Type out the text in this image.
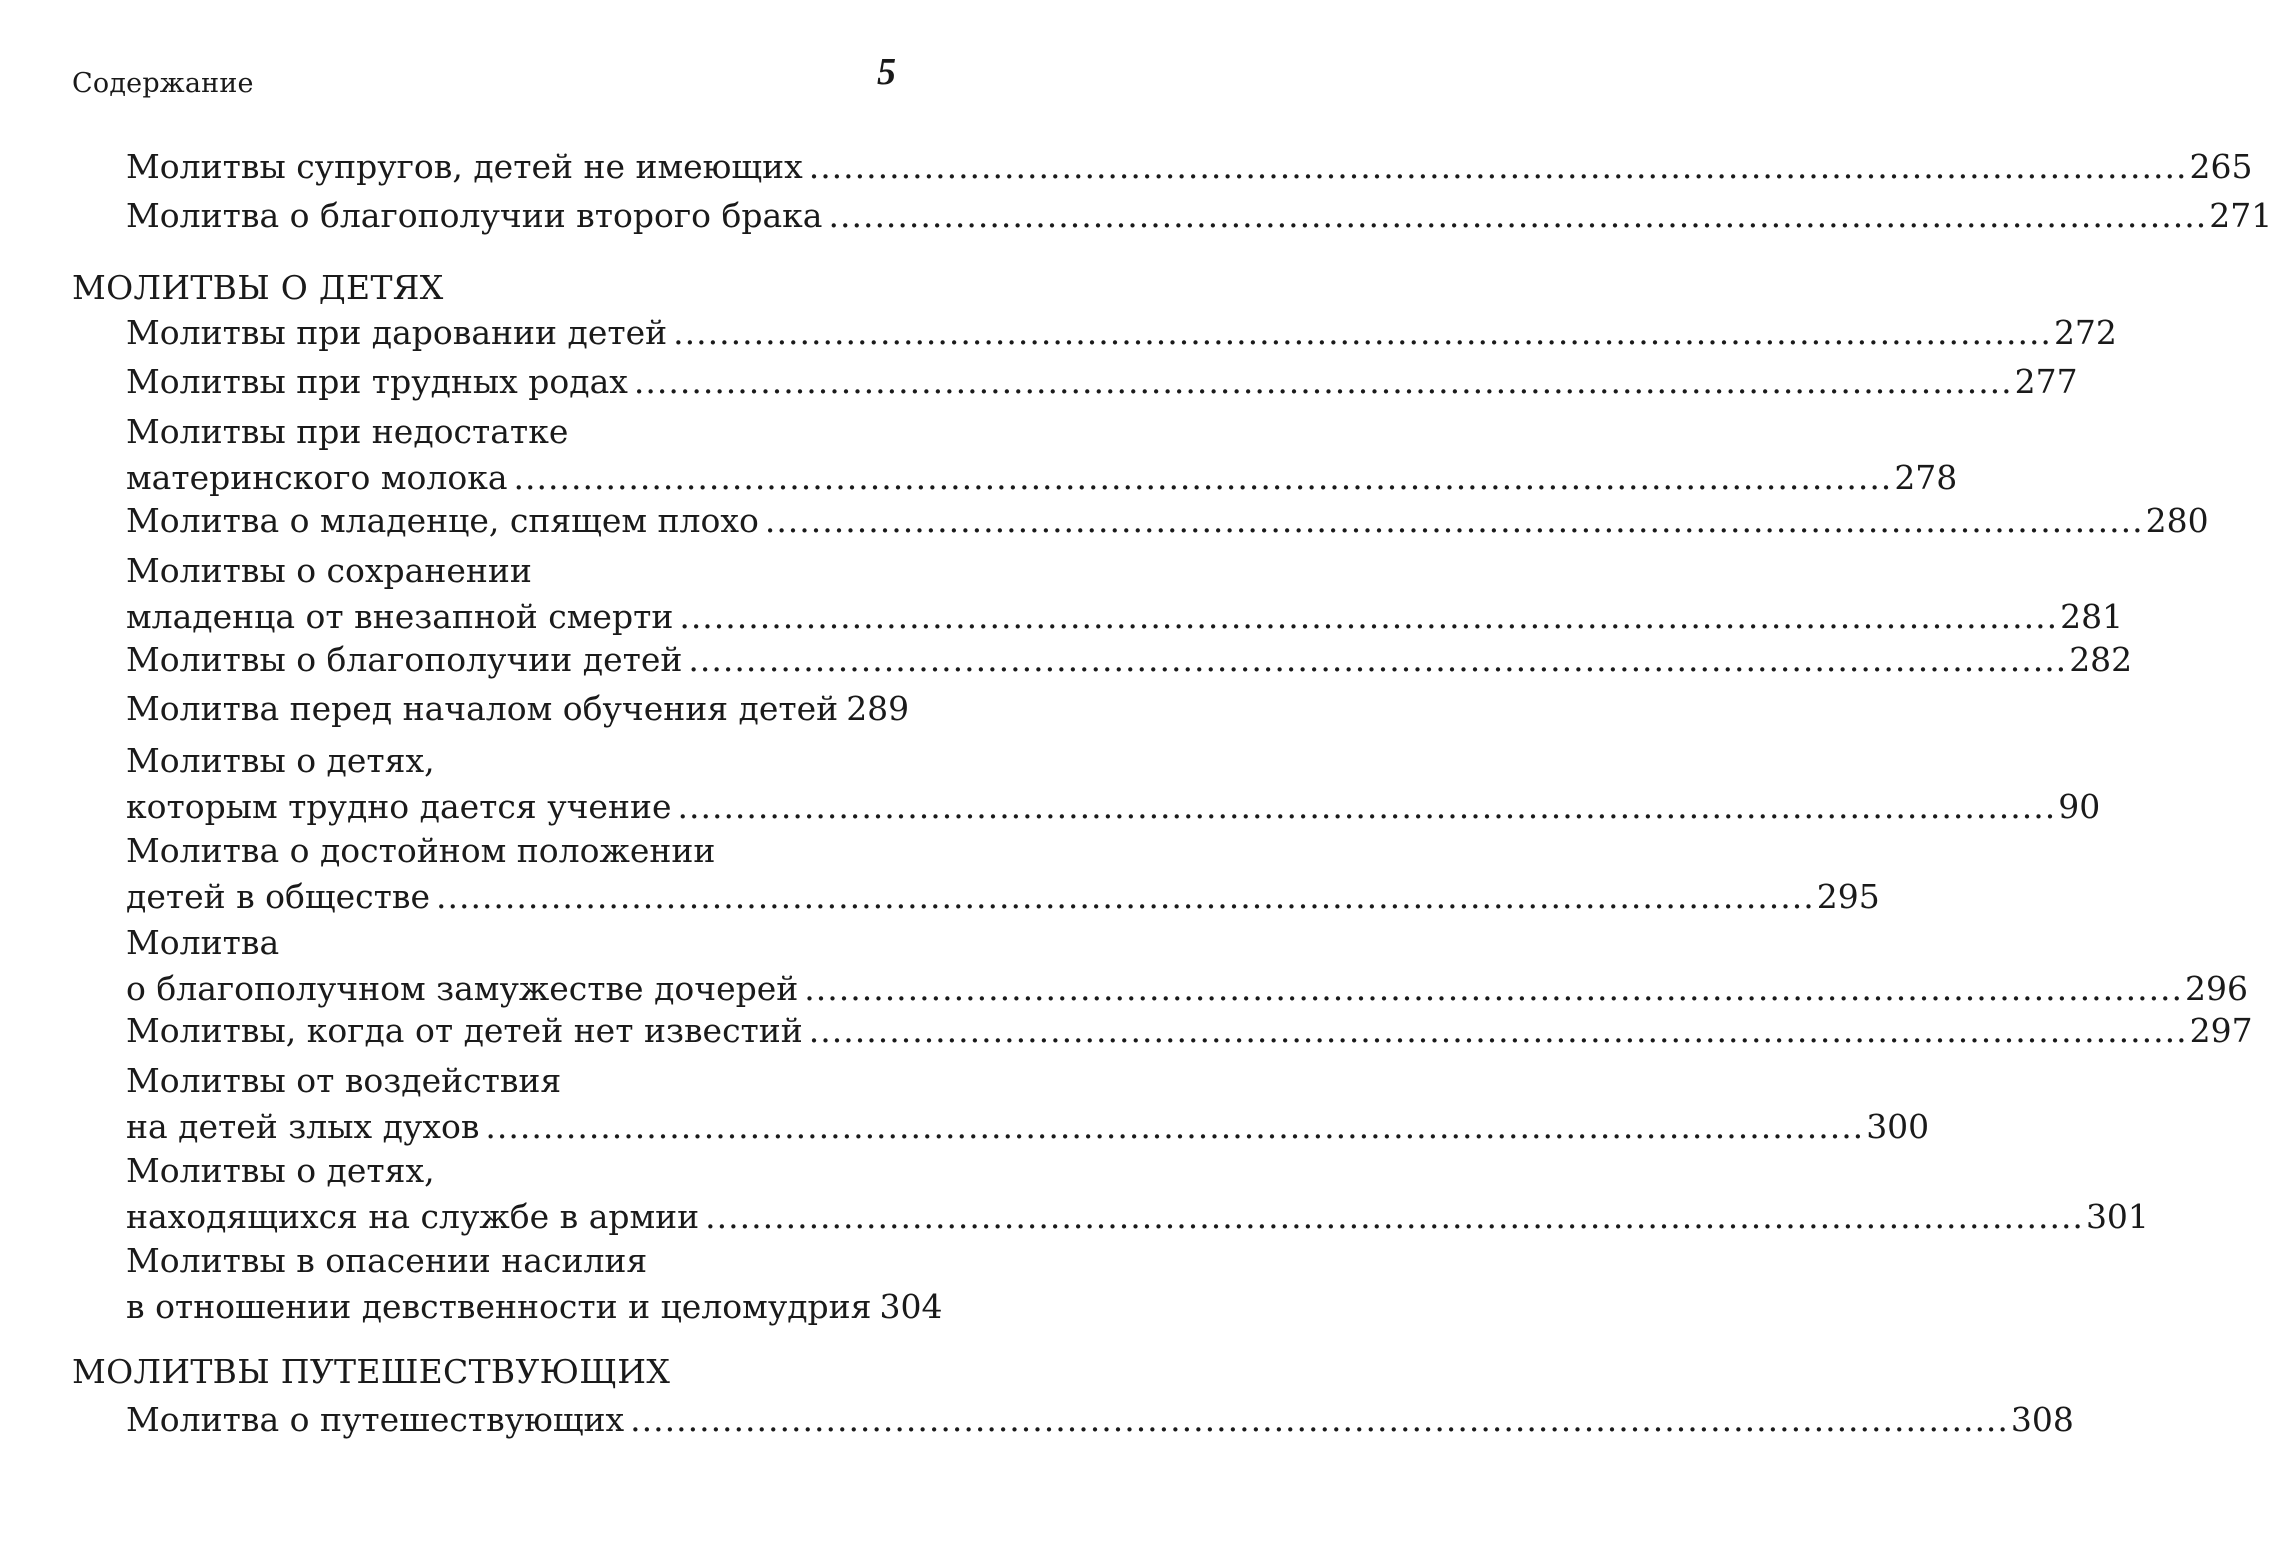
Содержание	5
Молитвы супругов, детей не имеющих ........................................................................................................................ 265
Молитва о благополучии второго брака ........................................................................................................................ 271
МОЛИТВЫ О ДЕТЯХ
Молитвы при даровании детей ........................................................................................................................ 272
Молитвы при трудных родах ........................................................................................................................ 277
Молитвы при недостатке
материнского молока ........................................................................................................................ 278
Молитва о младенце, спящем плохо ........................................................................................................................ 280
Молитвы о сохранении
младенца от внезапной смерти ........................................................................................................................ 281
Молитвы о благополучии детей ........................................................................................................................ 282
Молитва перед началом обучения детей 289
Молитвы о детях,
которым трудно дается учение ........................................................................................................................ 90
Молитва о достойном положении
детей в обществе ........................................................................................................................ 295
Молитва
о благополучном замужестве дочерей ........................................................................................................................ 296
Молитвы, когда от детей нет известий ........................................................................................................................ 297
Молитвы от воздействия
на детей злых духов ........................................................................................................................ 300
Молитвы о детях,
находящихся на службе в армии ........................................................................................................................ 301
Молитвы в опасении насилия
в отношении девственности и целомудрия 304
МОЛИТВЫ ПУТЕШЕСТВУЮЩИХ
Молитва о путешествующих ........................................................................................................................ 308
